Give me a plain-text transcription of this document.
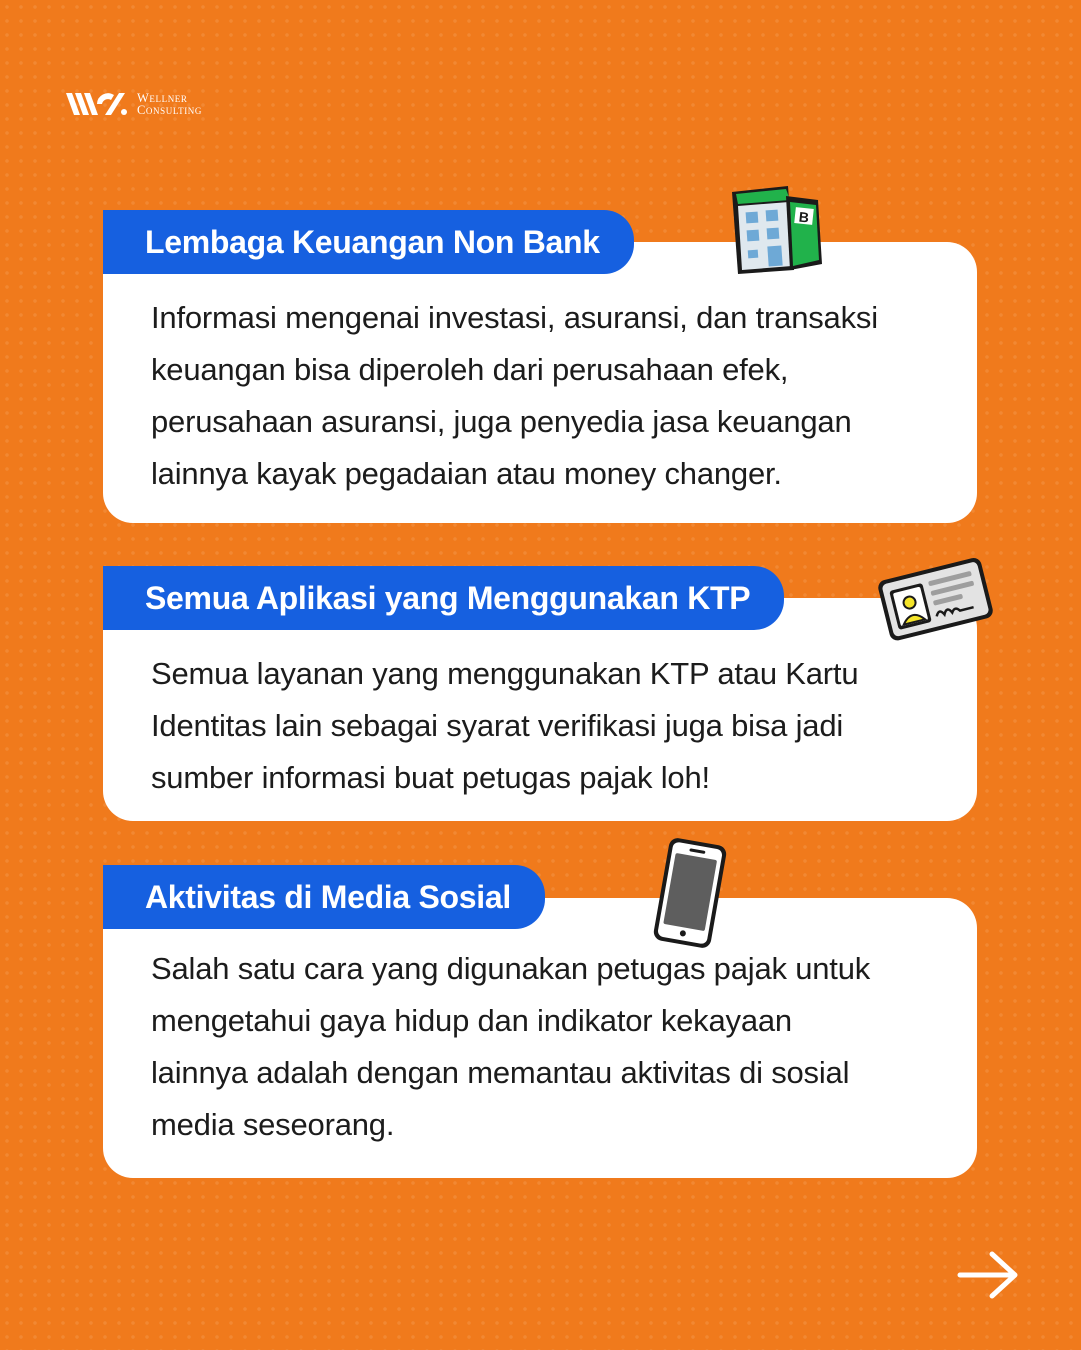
Wellner
Consulting

Informasi mengenai investasi, asuransi, dan transaksi
keuangan bisa diperoleh dari perusahaan efek,
perusahaan asuransi, juga penyedia jasa keuangan
lainnya kayak pegadaian atau money changer.

Lembaga Keuangan Non Bank
B

Semua layanan yang menggunakan KTP atau Kartu
Identitas lain sebagai syarat verifikasi juga bisa jadi
sumber informasi buat petugas pajak loh!

Semua Aplikasi yang Menggunakan KTP

Salah satu cara yang digunakan petugas pajak untuk
mengetahui gaya hidup dan indikator kekayaan
lainnya adalah dengan memantau aktivitas di sosial
media seseorang.

Aktivitas di Media Sosial
